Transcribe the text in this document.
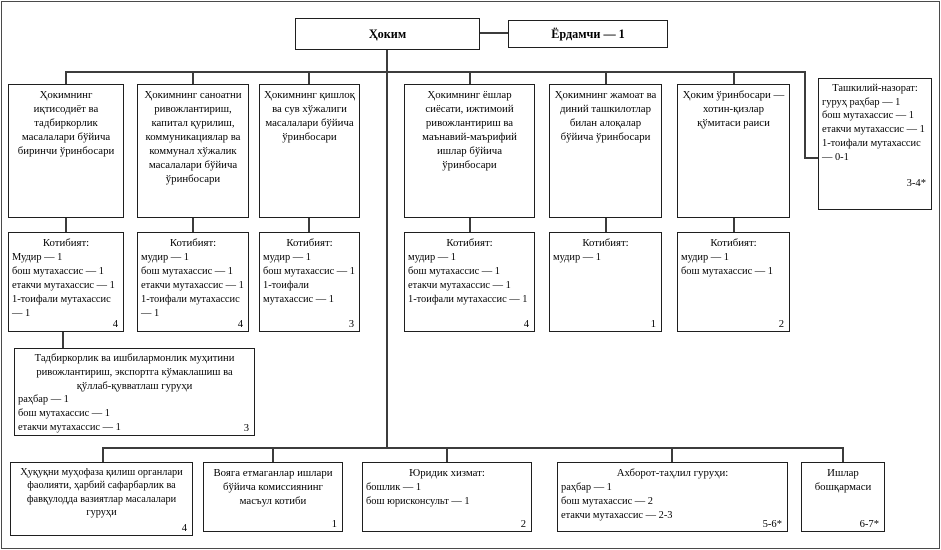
Ҳоким	Ёрдамчи — 1
Ҳокимнинг иқтисодиёт ва тадбиркорлик масалалари бўйича биринчи ўринбосари
Ҳокимнинг саноатни ривожлантириш, капитал қурилиш, коммуникациялар ва коммунал хўжалик масалалари бўйича ўринбосари
Ҳокимнинг қишлоқ ва сув хўжалиги масалалари бўйича ўринбосари
Ҳокимнинг ёшлар сиёсати, ижтимоий ривожлантириш ва маънавий-маърифий ишлар бўйича ўринбосари
Ҳокимнинг жамоат ва диний ташкилотлар билан алоқалар бўйича ўринбосари
Ҳоким ўринбосари — хотин-қизлар қўмитаси раиси
Ташкилий-назорат:
гуруҳ раҳбар — 1
бош мутахассис — 1
етакчи мутахассис — 1
1-тоифали мутахассис
— 0-1
3-4*
Котибият:
Мудир — 1
бош мутахассис — 1
етакчи мутахассис — 1
1-тоифали мутахассис
— 1
4
Котибият:
мудир — 1
бош мутахассис — 1
етакчи мутахассис — 1
1-тоифали мутахассис
— 1
4
Котибият:
мудир — 1
бош мутахассис — 1
1-тоифали
мутахассис — 1
3
Котибият:
мудир — 1
бош мутахассис — 1
етакчи мутахассис — 1
1-тоифали мутахассис — 1
4
Котибият:
мудир — 1
1
Котибият:
мудир — 1
бош мутахассис — 1
2
Тадбиркорлик ва ишбилармонлик муҳитини ривожлантириш, экспортга кўмаклашиш ва қўллаб-қувватлаш гуруҳи
раҳбар — 1
бош мутахассис — 1
етакчи мутахассис — 1	3
Ҳуқуқни муҳофаза қилиш органлари фаолияти, ҳарбий сафарбарлик ва фавқулодда вазиятлар масалалари гуруҳи
4
Вояга етмаганлар ишлари бўйича комиссиянинг масъул котиби
1
Юридик хизмат:
бошлик — 1
бош юрисконсульт — 1
2
Ахборот-таҳлил гуруҳи:
раҳбар — 1
бош мутахассис — 2
етакчи мутахассис — 2-3
5-6*
Ишлар бошқармаси
6-7*
